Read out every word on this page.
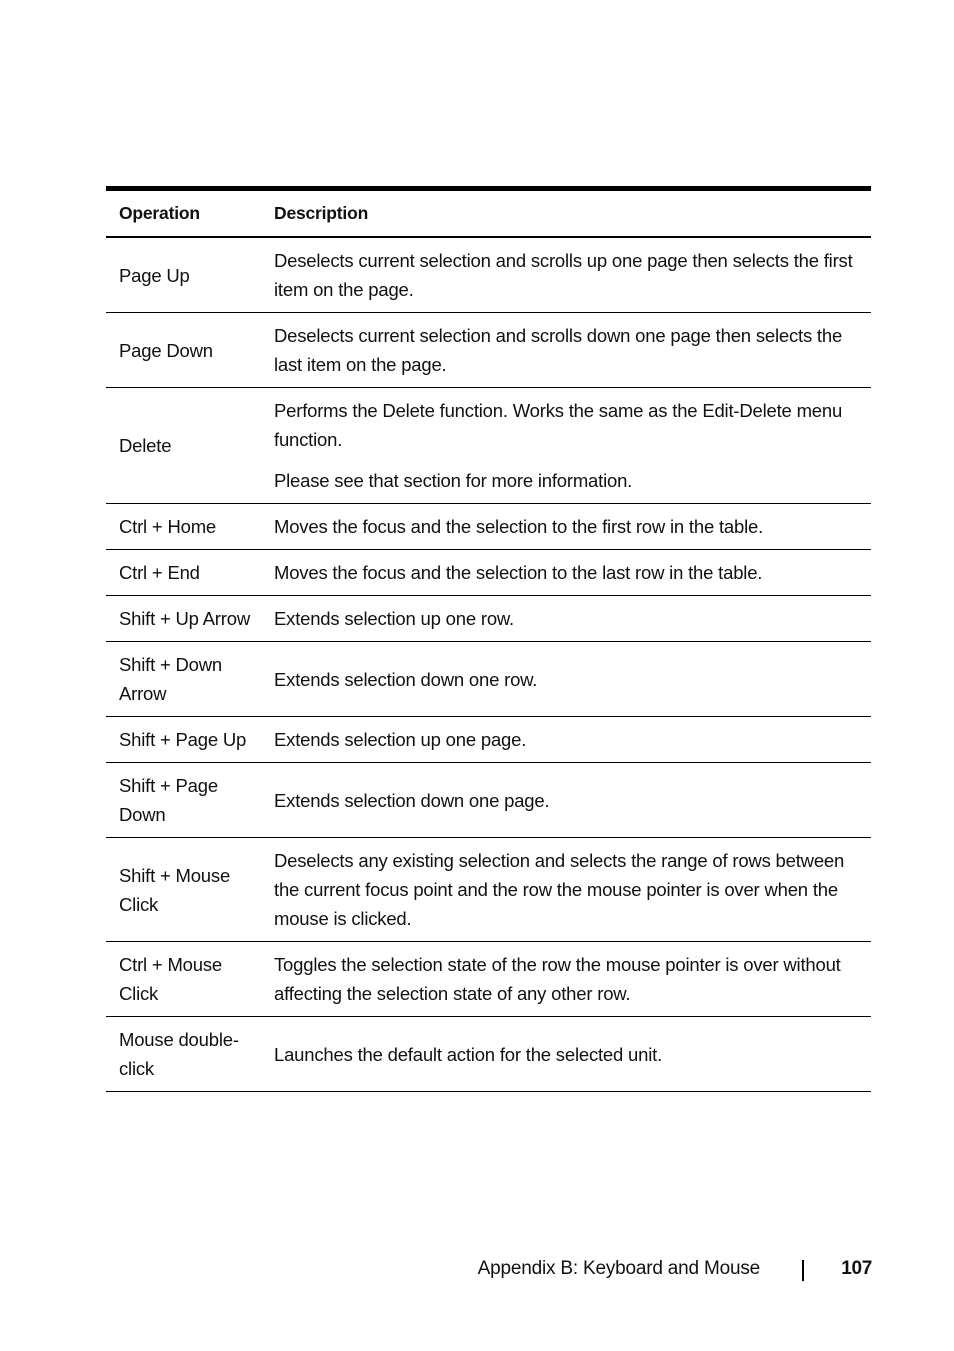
Operation	Description
Page Up	Deselects current selection and scrolls up one page then selects the first item on the page.

Page Down	Deselects current selection and scrolls down one page then selects the last item on the page.

Delete	Performs the Delete function. Works the same as the Edit-Delete menu function.

Please see that section for more information.

Ctrl + Home	Moves the focus and the selection to the first row in the table.

Ctrl + End	Moves the focus and the selection to the last row in the table.

Shift + Up Arrow	Extends selection up one row.

Shift + Down Arrow	Extends selection down one row.

Shift + Page Up	Extends selection up one page.

Shift + Page Down	Extends selection down one page.

Shift + Mouse Click	Deselects any existing selection and selects the range of rows between the current focus point and the row the mouse pointer is over when the mouse is clicked.

Ctrl + Mouse Click	Toggles the selection state of the row the mouse pointer is over without affecting the selection state of any other row.

Mouse double-click	Launches the default action for the selected unit.

Appendix B: Keyboard and Mouse	107
